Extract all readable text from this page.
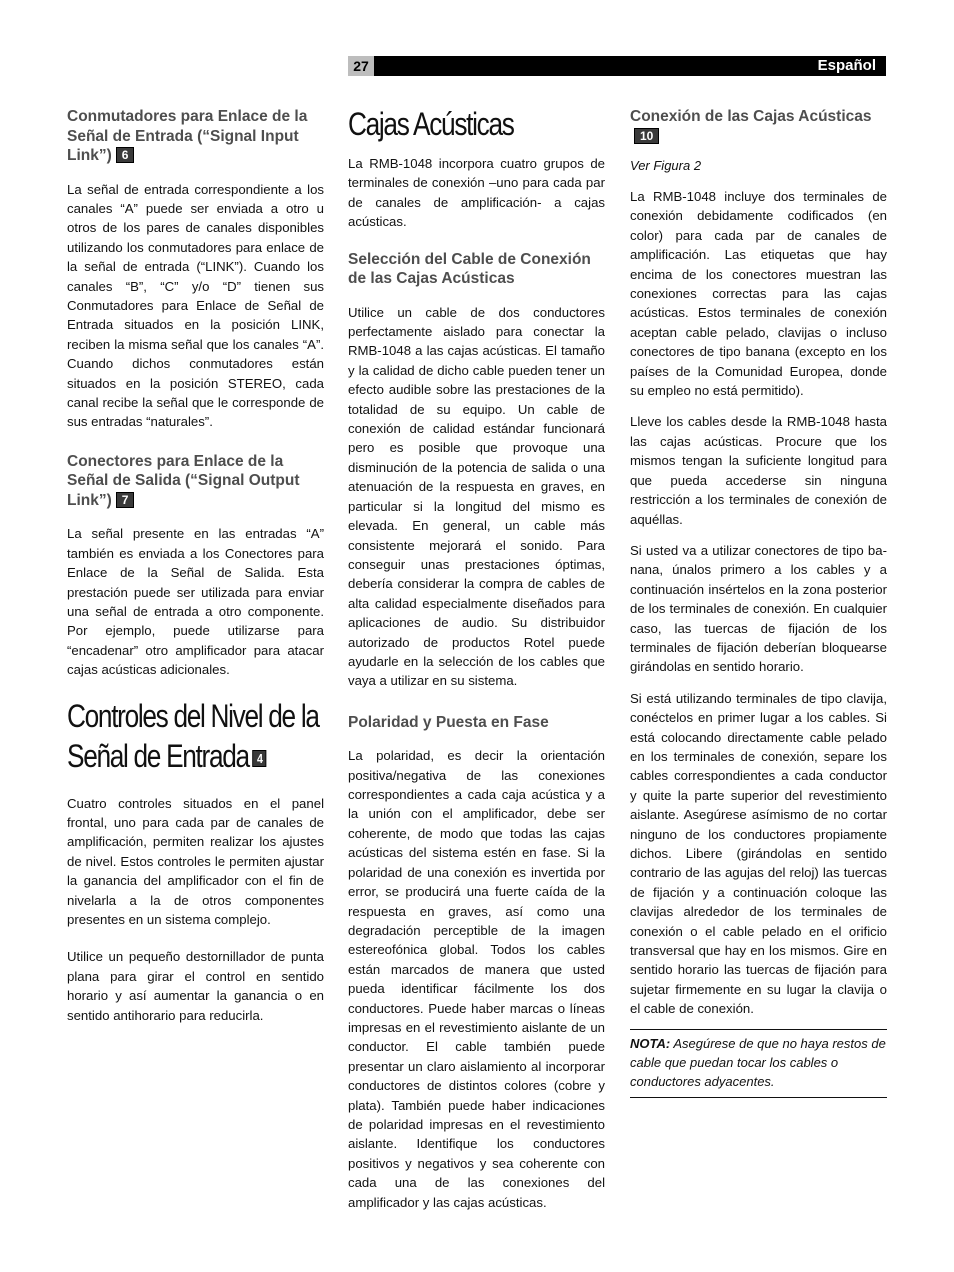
Español
27
Conmutadores para Enlace de la Señal de Entrada (“Signal Input Link”) 6

La señal de entrada correspondiente a los canales “A” puede ser enviada a otro u otros de los pares de canales disponibles utilizando los conmutadores para enlace de la señal de entrada (“LINK”). Cuando los canales “B”, “C” y/o “D” tienen sus Conmutadores para Enlace de Señal de Entrada situados en la posición LINK, reciben la misma señal que los canales “A”. Cuando dichos conmutadores están situados en la posición STEREO, cada canal recibe la señal que le corresponde de sus entradas “naturales”.

Conectores para Enlace de la Señal de Salida (“Signal Output Link”) 7

La señal presente en las entradas “A” también es enviada a los Conectores para Enlace de la Señal de Salida. Esta prestación puede ser utilizada para enviar una señal de entrada a otro componente. Por ejemplo, puede utilizarse para “encadenar” otro amplificador para atacar cajas acústicas adicionales.

Controles del Nivel de la
Señal de Entrada 4

Cuatro controles situados en el panel frontal, uno para cada par de canales de amplificación, permiten realizar los ajustes de nivel. Estos controles le permiten ajustar la ganancia del amplificador con el fin de nivelarla a la de otros componentes presentes en un sistema complejo.

Utilice un pequeño destornillador de punta plana para girar el control en sentido horario y así aumentar la ganancia o en sentido antihorario para reducirla.

Cajas Acústicas

La RMB-1048 incorpora cuatro grupos de terminales de conexión –uno para cada par de canales de amplificación- a cajas acústicas.

Selección del Cable de Conexión de las Cajas Acústicas

Utilice un cable de dos conductores perfectamente aislado para conectar la RMB-1048 a las cajas acústicas. El tamaño y la calidad de dicho cable pueden tener un efecto audible sobre las prestaciones de la totalidad de su equipo. Un cable de conexión de calidad estándar funcionará pero es posible que provoque una disminución de la potencia de salida o una atenuación de la respuesta en graves, en particular si la longitud del mismo es elevada. En general, un cable más consistente mejorará el sonido. Para conseguir unas prestaciones óptimas, debería considerar la compra de cables de alta calidad especialmente diseñados para aplicaciones de audio. Su distribuidor autorizado de productos Rotel puede ayudarle en la selección de los cables que vaya a utilizar en su sistema.

Polaridad y Puesta en Fase

La polaridad, es decir la orientación positiva/negativa de las conexiones correspondientes a cada caja acústica y a la unión con el amplificador, debe ser coherente, de modo que todas las cajas acústicas del sistema estén en fase. Si la polaridad de una conexión es invertida por error, se producirá una fuerte caída de la respuesta en graves, así como una degradación perceptible de la imagen estereofónica global. Todos los cables están marcados de manera que usted pueda identificar fácilmente los dos conductores. Puede haber marcas o líneas impresas en el revestimiento aislante de un conductor. El cable también puede presentar un claro aislamiento al incorporar conductores de distintos colores (cobre y plata). También puede haber indicaciones de polaridad impresas en el revestimiento aislante. Identifique los conductores positivos y negativos y sea coherente con cada una de las conexiones del amplificador y las cajas acústicas.

Conexión de las Cajas Acústicas10
Ver Figura 2

La RMB-1048 incluye dos terminales de conexión debidamente codificados (en color) para cada par de canales de amplificación. Las etiquetas que hay encima de los conectores muestran las conexiones correctas para las cajas acústicas. Estos terminales de conexión aceptan cable pelado, clavijas o incluso conectores de tipo banana (excepto en los países de la Comunidad Europea, donde su empleo no está permitido).

Lleve los cables desde la RMB-1048 hasta las cajas acústicas. Procure que los mismos tengan la suficiente longitud para que pueda accederse sin ninguna restricción a los terminales de conexión de aquéllas.

Si usted va a utilizar conectores de tipo banana, únalos primero a los cables y a continuación insértelos en la zona posterior de los terminales de conexión. En cualquier caso, las tuercas de fijación de los terminales de fijación deberían bloquearse girándolas en sentido horario.

Si está utilizando terminales de tipo clavija, conéctelos en primer lugar a los cables. Si está colocando directamente cable pelado en los terminales de conexión, separe los cables correspondientes a cada conductor y quite la parte superior del revestimiento aislante. Asegúrese asímismo de no cortar ninguno de los conductores propiamente dichos. Libere (girándolas en sentido contrario de las agujas del reloj) las tuercas de fijación y a continuación coloque las clavijas alrededor de los terminales de conexión o el cable pelado en el orificio transversal que hay en los mismos. Gire en sentido horario las tuercas de fijación para sujetar firmemente en su lugar la clavija o el cable de conexión.

NOTA: Asegúrese de que no haya restos de cable que puedan tocar los cables o conductores adyacentes.
